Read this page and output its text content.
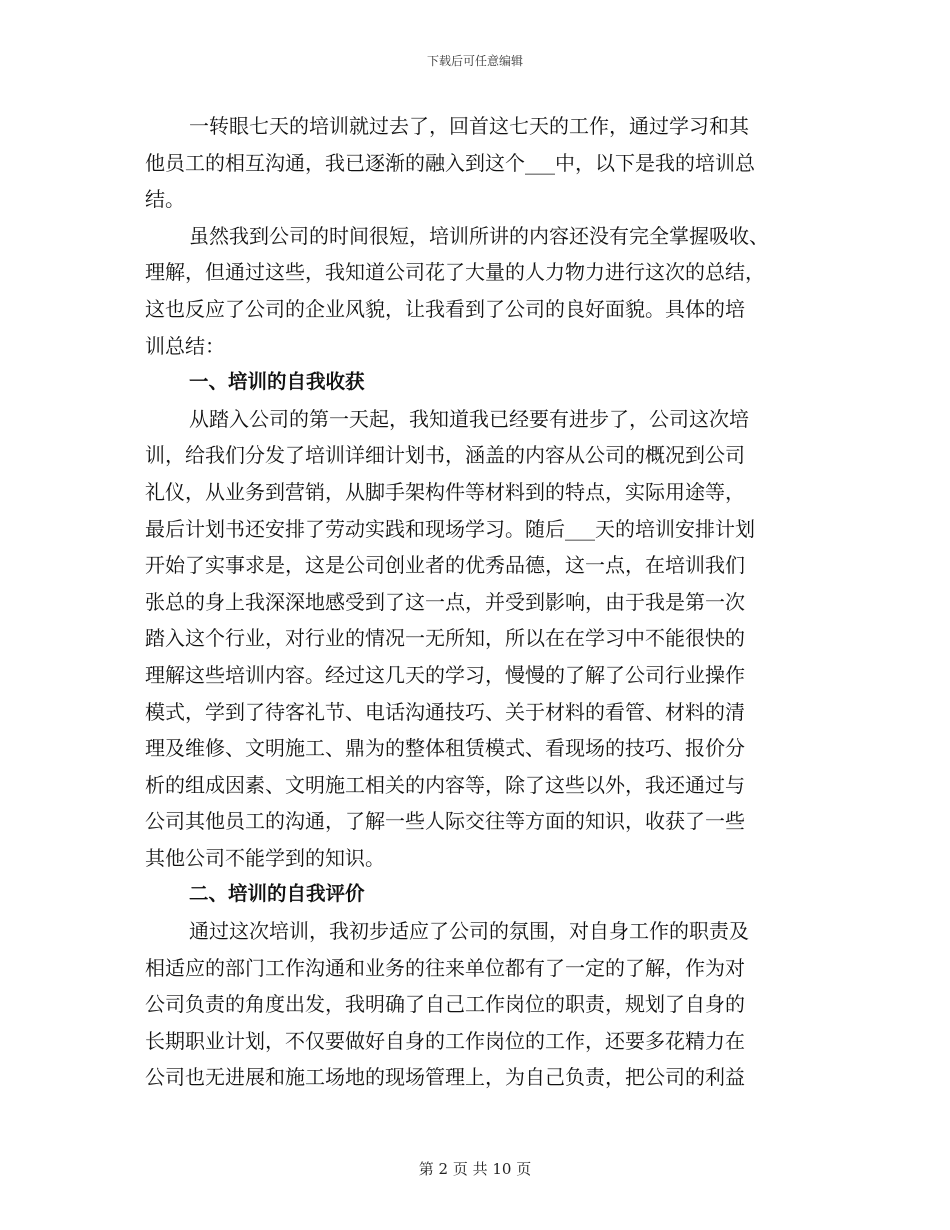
下载后可任意编辑
一转眼七天的培训就过去了，回首这七天的工作，通过学习和其
他员工的相互沟通，我已逐渐的融入到这个___中，以下是我的培训总
结。
虽然我到公司的时间很短，培训所讲的内容还没有完全掌握吸收、
理解，但通过这些，我知道公司花了大量的人力物力进行这次的总结，
这也反应了公司的企业风貌，让我看到了公司的良好面貌。具体的培
训总结：
一、培训的自我收获
从踏入公司的第一天起，我知道我已经要有进步了，公司这次培
训，给我们分发了培训详细计划书，涵盖的内容从公司的概况到公司
礼仪，从业务到营销，从脚手架构件等材料到的特点，实际用途等，
最后计划书还安排了劳动实践和现场学习。随后___天的培训安排计划
开始了实事求是，这是公司创业者的优秀品德，这一点，在培训我们
张总的身上我深深地感受到了这一点，并受到影响，由于我是第一次
踏入这个行业，对行业的情况一无所知，所以在在学习中不能很快的
理解这些培训内容。经过这几天的学习，慢慢的了解了公司行业操作
模式，学到了待客礼节、电话沟通技巧、关于材料的看管、材料的清
理及维修、文明施工、鼎为的整体租赁模式、看现场的技巧、报价分
析的组成因素、文明施工相关的内容等，除了这些以外，我还通过与
公司其他员工的沟通，了解一些人际交往等方面的知识，收获了一些
其他公司不能学到的知识。
二、培训的自我评价
通过这次培训，我初步适应了公司的氛围，对自身工作的职责及
相适应的部门工作沟通和业务的往来单位都有了一定的了解，作为对
公司负责的角度出发，我明确了自己工作岗位的职责，规划了自身的
长期职业计划，不仅要做好自身的工作岗位的工作，还要多花精力在
公司也无进展和施工场地的现场管理上，为自己负责，把公司的利益
第 2 页 共 10 页
